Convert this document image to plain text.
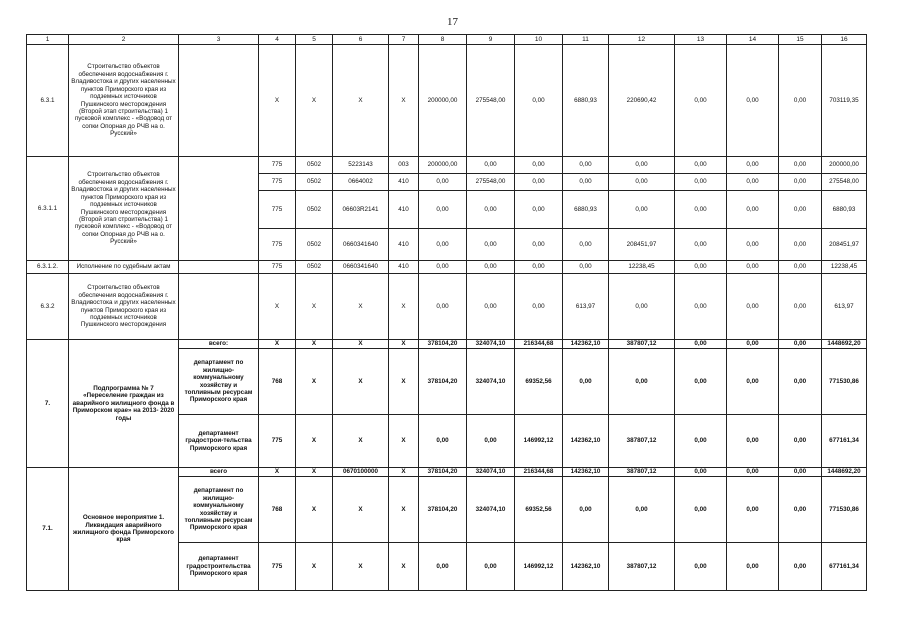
17
1	2	3	4	5	6	7	8	9	10	11	12	13	14	15	16
6.3.1	Строительство объектов обеспечения водоснабжения г. Владивостока и других населенных пунктов Приморского края из подземных источников Пушкинского месторождения (Второй этап строительства) 1 пусковой комплекс - «Водовод от сопки Опорная до РЧВ на о. Русский»		X	X	X	X	200000,00	275548,00	0,00	6880,93	220690,42	0,00	0,00	0,00	703119,35
6.3.1.1	Строительство объектов обеспечения водоснабжения г. Владивостока и других населенных пунктов Приморского края из подземных источников Пушкинского месторождения (Второй этап строительства) 1 пусковой комплекс - «Водовод от сопки Опорная до РЧВ на о. Русский»		775	0502	5223143	003	200000,00	0,00	0,00	0,00	0,00	0,00	0,00	0,00	200000,00
			775	0502	0664002	410	0,00	275548,00	0,00	0,00	0,00	0,00	0,00	0,00	275548,00
			775	0502	06603R2141	410	0,00	0,00	0,00	6880,93	0,00	0,00	0,00	0,00	6880,93
			775	0502	0660341640	410	0,00	0,00	0,00	0,00	208451,97	0,00	0,00	0,00	208451,97
6.3.1.2.	Исполнение по судебным актам		775	0502	0660341640	410	0,00	0,00	0,00	0,00	12238,45	0,00	0,00	0,00	12238,45
6.3.2	Строительство объектов обеспечения водоснабжения г. Владивостока и других населенных пунктов Приморского края из подземных источников Пушкинского месторождения		X	X	X	X	0,00	0,00	0,00	613,97	0,00	0,00	0,00	0,00	613,97
7.	Подпрограмма № 7 «Переселение граждан из аварийного жилищного фонда в Приморском крае» на 2013- 2020 годы	всего:	X	X	X	X	378104,20	324074,10	216344,68	142362,10	387807,12	0,00	0,00	0,00	1448692,20
		департамент по жилищно-коммунальному хозяйству и топливным ресурсам Приморского края	768	X	X	X	378104,20	324074,10	69352,56	0,00	0,00	0,00	0,00	0,00	771530,86
		департамент градострои-тельства Приморского края	775	X	X	X	0,00	0,00	146992,12	142362,10	387807,12	0,00	0,00	0,00	677161,34
7.1.	Основное мероприятие 1. Ликвидация аварийного жилищного фонда Приморского края	всего	X	X	0670100000	X	378104,20	324074,10	216344,68	142362,10	387807,12	0,00	0,00	0,00	1448692,20
		департамент по жилищно-коммунальному хозяйству и топливным ресурсам Приморского края	768	X	X	X	378104,20	324074,10	69352,56	0,00	0,00	0,00	0,00	0,00	771530,86
		департамент градостроительства Приморского края	775	X	X	X	0,00	0,00	146992,12	142362,10	387807,12	0,00	0,00	0,00	677161,34
